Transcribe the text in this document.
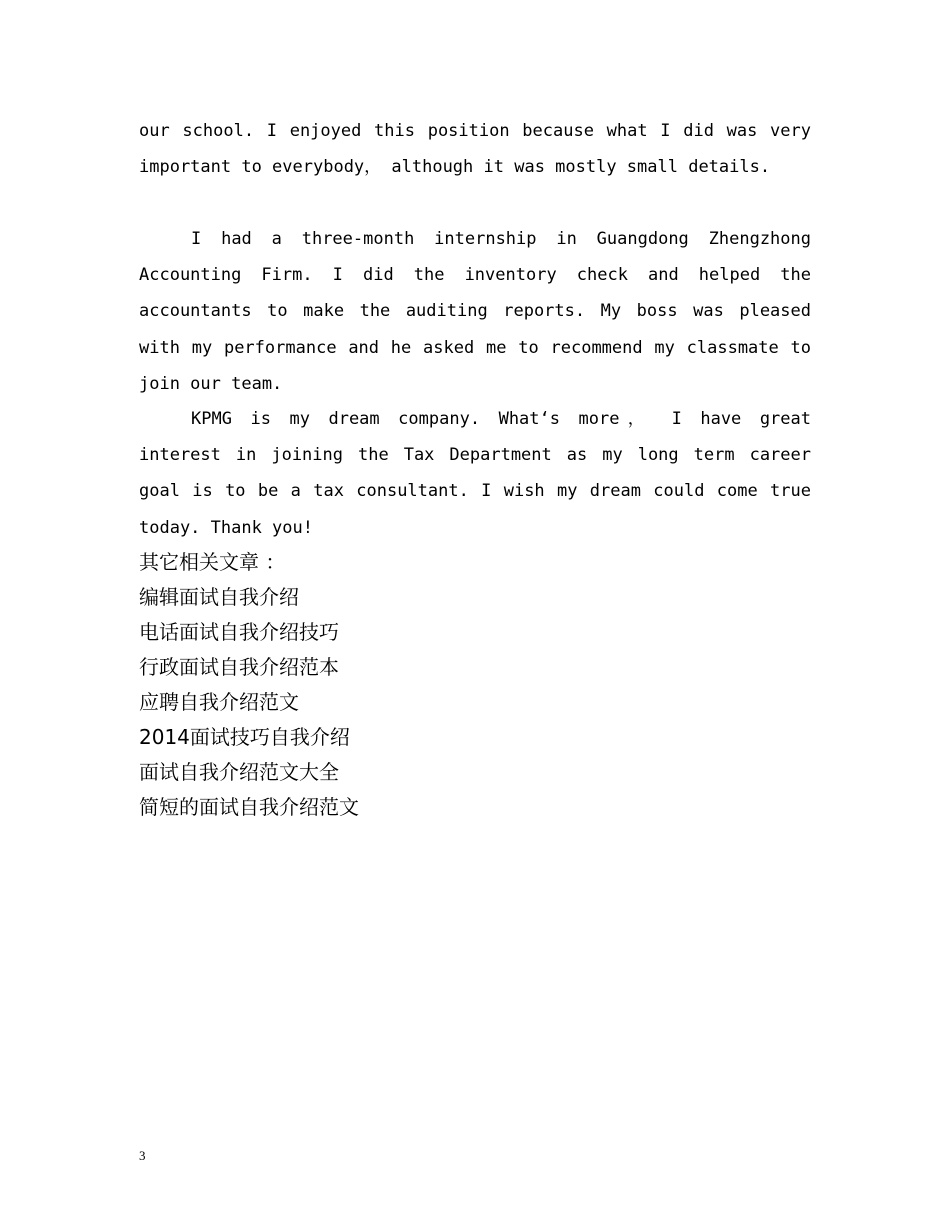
our school. I enjoyed this position because what I did was very important to everybody， although it was mostly small details.

I had a three-month internship in Guangdong Zhengzhong Accounting Firm. I did the inventory check and helped the accountants to make the auditing reports. My boss was pleased with my performance and he asked me to recommend my classmate to join our team.

KPMG is my dream company. What‘s more， I have great interest in joining the Tax Department as my long term career goal is to be a tax consultant. I wish my dream could come true today. Thank you!

其它相关文章 ：
编辑面试自我介绍
电话面试自我介绍技巧
行政面试自我介绍范本
应聘自我介绍范文
2014面试技巧自我介绍
面试自我介绍范文大全
简短的面试自我介绍范文
3
